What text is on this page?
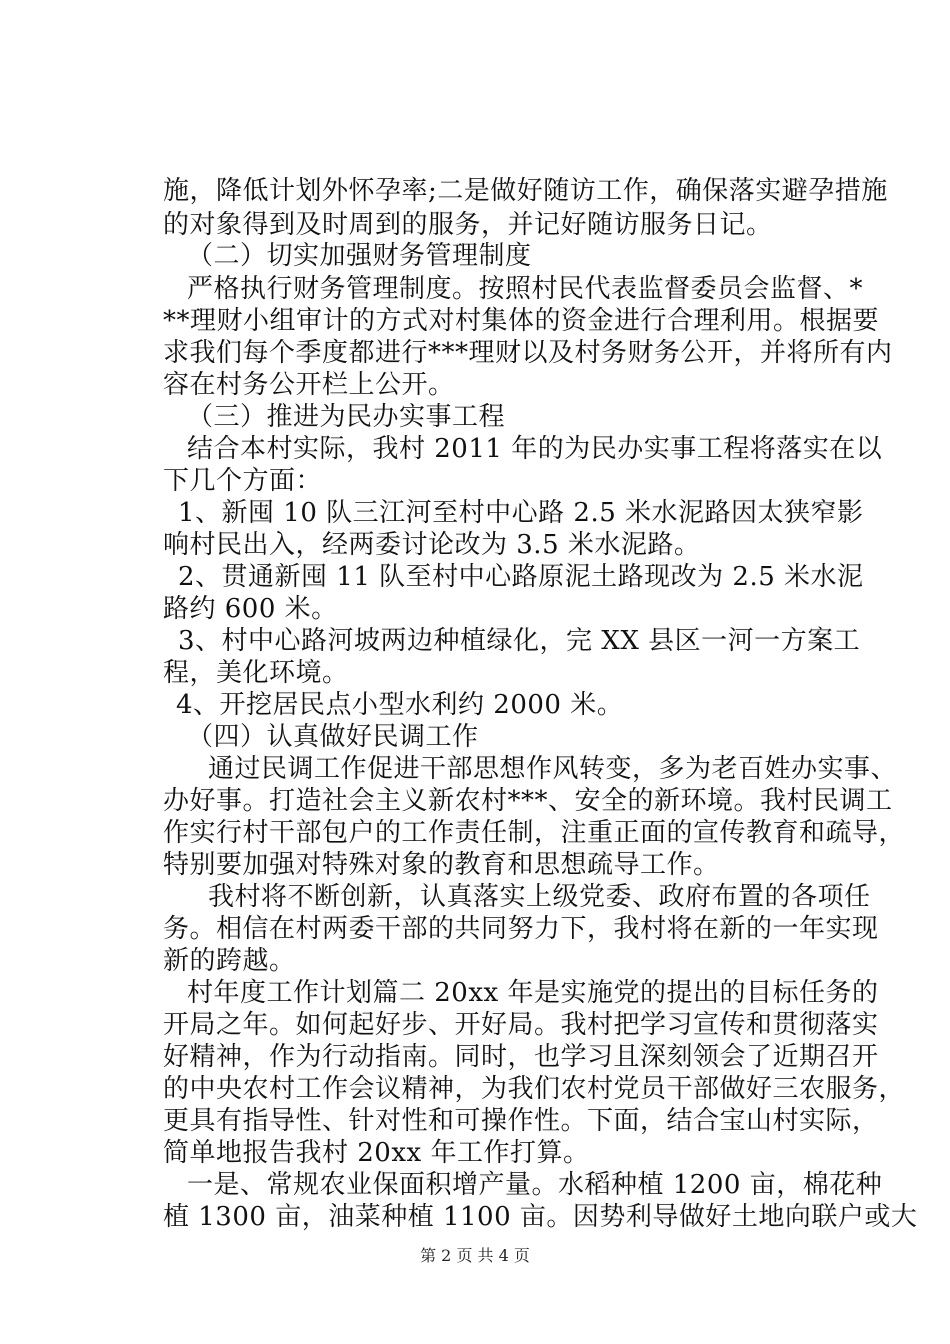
施，降低计划外怀孕率;二是做好随访工作，确保落实避孕措施
的对象得到及时周到的服务，并记好随访服务日记。
（二）切实加强财务管理制度
严格执行财务管理制度。按照村民代表监督委员会监督、*
**理财小组审计的方式对村集体的资金进行合理利用。根据要
求我们每个季度都进行***理财以及村务财务公开，并将所有内
容在村务公开栏上公开。
（三）推进为民办实事工程
结合本村实际，我村 2011 年的为民办实事工程将落实在以
下几个方面：
1、新囤 10 队三江河至村中心路 2.5 米水泥路因太狭窄影
响村民出入，经两委讨论改为 3.5 米水泥路。
2、贯通新囤 11 队至村中心路原泥土路现改为 2.5 米水泥
路约 600 米。
3、村中心路河坡两边种植绿化，完 XX 县区一河一方案工
程，美化环境。
4、开挖居民点小型水利约 2000 米。
（四）认真做好民调工作
通过民调工作促进干部思想作风转变，多为老百姓办实事、
办好事。打造社会主义新农村***、安全的新环境。我村民调工
作实行村干部包户的工作责任制，注重正面的宣传教育和疏导，
特别要加强对特殊对象的教育和思想疏导工作。
我村将不断创新，认真落实上级党委、政府布置的各项任
务。相信在村两委干部的共同努力下，我村将在新的一年实现
新的跨越。
村年度工作计划篇二 20xx 年是实施党的提出的目标任务的
开局之年。如何起好步、开好局。我村把学习宣传和贯彻落实
好精神，作为行动指南。同时，也学习且深刻领会了近期召开
的中央农村工作会议精神，为我们农村党员干部做好三农服务，
更具有指导性、针对性和可操作性。下面，结合宝山村实际，
简单地报告我村 20xx 年工作打算。
一是、常规农业保面积增产量。水稻种植 1200 亩，棉花种
植 1300 亩，油菜种植 1100 亩。因势利导做好土地向联户或大
第 2 页 共 4 页
